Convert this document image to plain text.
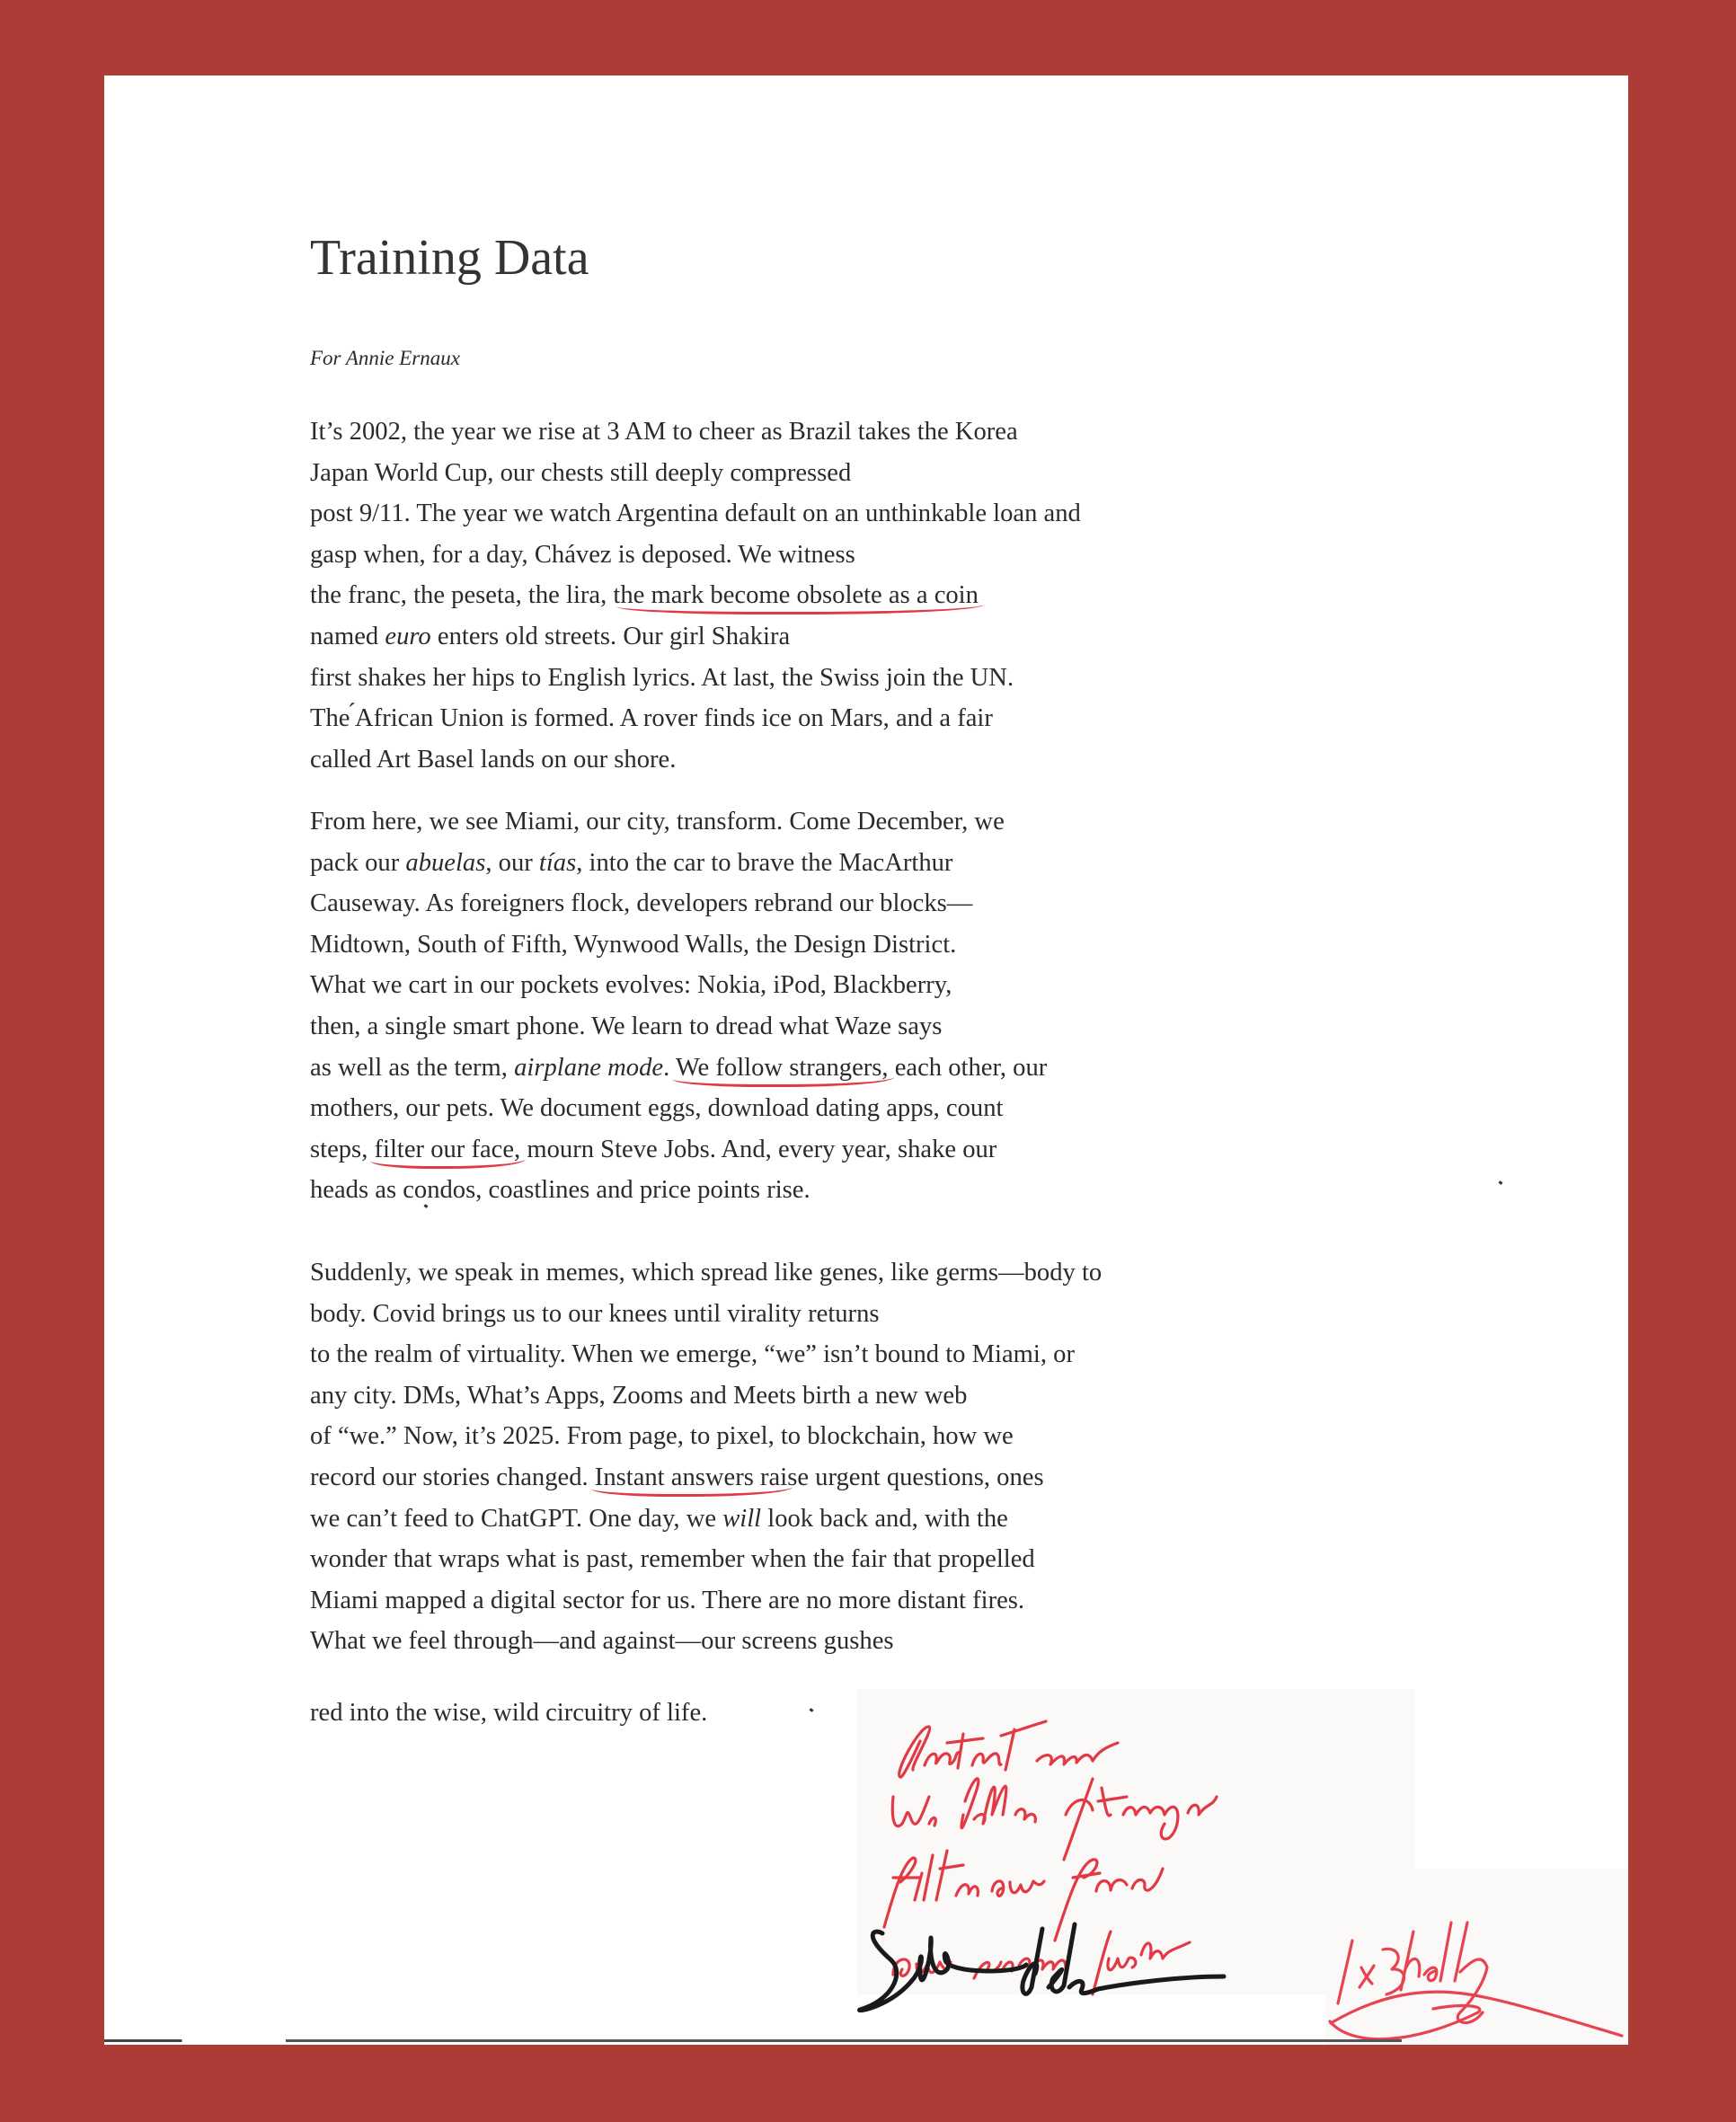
Training Data
For Annie Ernaux
It’s 2002, the year we rise at 3 AM to cheer as Brazil takes the Korea
Japan World Cup, our chests still deeply compressed
post 9/11. The year we watch Argentina default on an unthinkable loan and
gasp when, for a day, Chávez is deposed. We witness
the franc, the peseta, the lira, the mark become obsolete as a coin
named euro enters old streets. Our girl Shakira
first shakes her hips to English lyrics. At last, the Swiss join the UN.
The ́African Union is formed. A rover finds ice on Mars, and a fair
called Art Basel lands on our shore.
From here, we see Miami, our city, transform. Come December, we
pack our abuelas, our tías, into the car to brave the MacArthur
Causeway. As foreigners flock, developers rebrand our blocks—
Midtown, South of Fifth, Wynwood Walls, the Design District.
What we cart in our pockets evolves: Nokia, iPod, Blackberry,
then, a single smart phone. We learn to dread what Waze says
as well as the term, airplane mode. We follow strangers, each other, our
mothers, our pets. We document eggs, download dating apps, count
steps, filter our face, mourn Steve Jobs. And, every year, shake our
heads as condos, coastlines and price points rise.
Suddenly, we speak in memes, which spread like genes, like germs—body to
body. Covid brings us to our knees until virality returns
to the realm of virtuality. When we emerge, “we” isn’t bound to Miami, or
any city. DMs, What’s Apps, Zooms and Meets birth a new web
of “we.” Now, it’s 2025. From page, to pixel, to blockchain, how we
record our stories changed. Instant answers raise urgent questions, ones
we can’t feed to ChatGPT. One day, we will look back and, with the
wonder that wraps what is past, remember when the fair that propelled
Miami mapped a digital sector for us. There are no more distant fires.
What we feel through—and against—our screens gushes
red into the wise, wild circuitry of life.
